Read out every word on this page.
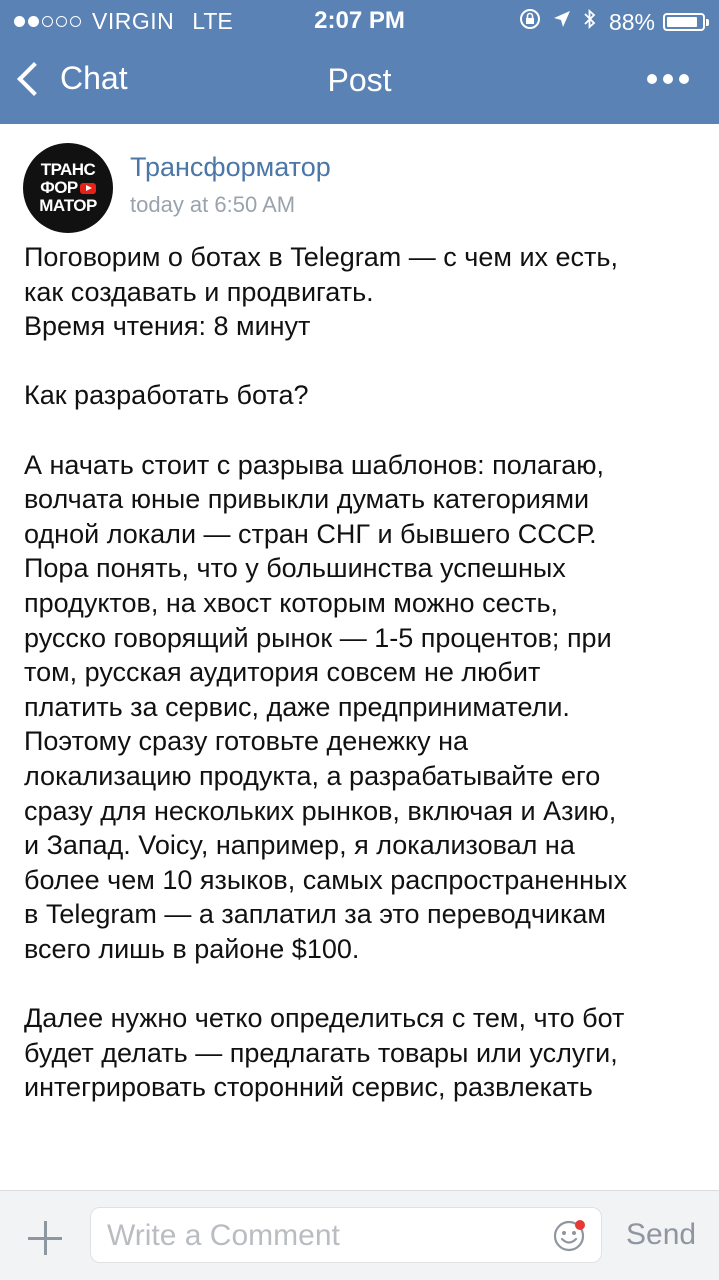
VIRGIN LTE	2:07 PM	88%
Chat	Post
ТРАНС
ФОР
МАТОР
Трансформатор
today at 6:50 AM

Поговорим о ботах в Telegram — с чем их есть,
как создавать и продвигать.
Время чтения: 8 минут

Как разработать бота?

А начать стоит с разрыва шаблонов: полагаю,
волчата юные привыкли думать категориями
одной локали — стран СНГ и бывшего СССР.
Пора понять, что у большинства успешных
продуктов, на хвост которым можно сесть,
русско говорящий рынок — 1-5 процентов; при
том, русская аудитория совсем не любит
платить за сервис, даже предприниматели.
Поэтому сразу готовьте денежку на
локализацию продукта, а разрабатывайте его
сразу для нескольких рынков, включая и Азию,
и Запад. Voicy, например, я локализовал на
более чем 10 языков, самых распространенных
в Telegram — а заплатил за это переводчикам
всего лишь в районе $100.

Далее нужно четко определиться с тем, что бот
будет делать — предлагать товары или услуги,
интегрировать сторонний сервис, развлекать

Write a Comment
Send
